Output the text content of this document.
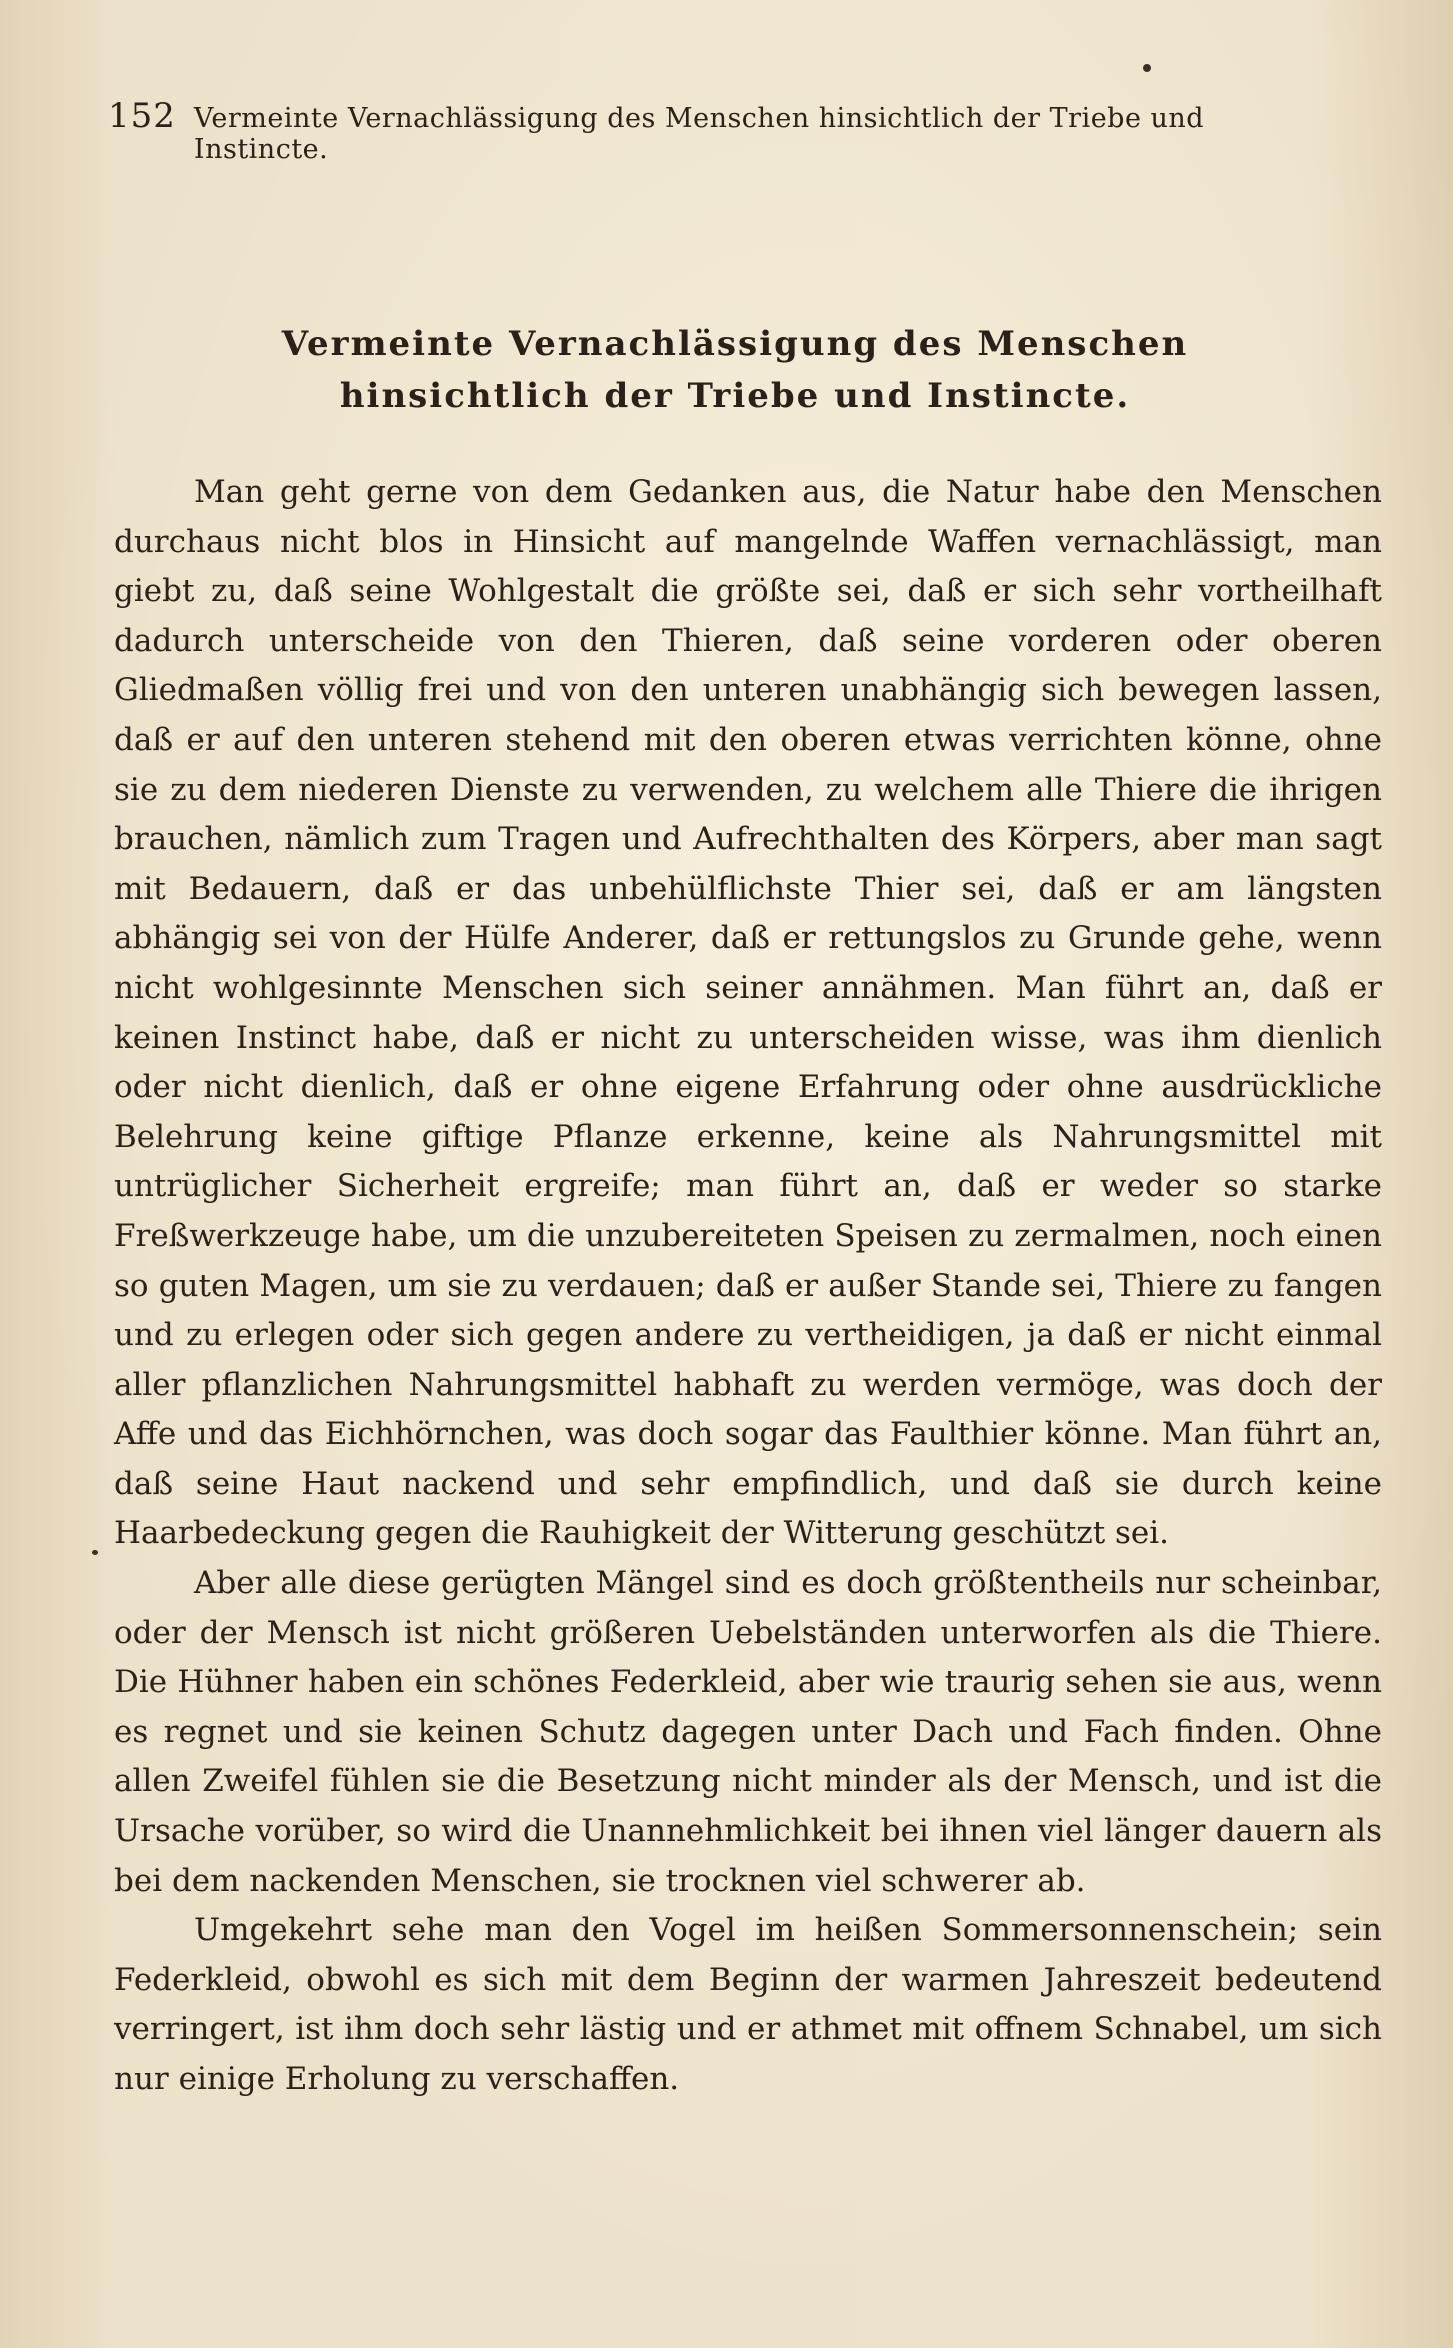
152 Vermeinte Vernachlässigung des Menschen hinsichtlich der Triebe und Instincte.
Vermeinte Vernachlässigung des Menschen hinsichtlich der Triebe und Instincte.

Man geht gerne von dem Gedanken aus, die Natur habe den Menschen durchaus nicht blos in Hinsicht auf mangelnde Waffen vernachlässigt, man giebt zu, daß seine Wohlgestalt die größte sei, daß er sich sehr vortheilhaft dadurch unterscheide von den Thieren, daß seine vorderen oder oberen Gliedmaßen völlig frei und von den unteren unabhängig sich bewegen lassen, daß er auf den unteren stehend mit den oberen etwas verrichten könne, ohne sie zu dem niederen Dienste zu verwenden, zu welchem alle Thiere die ihrigen brauchen, nämlich zum Tragen und Aufrechthalten des Körpers, aber man sagt mit Bedauern, daß er das unbehülflichste Thier sei, daß er am längsten abhängig sei von der Hülfe Anderer, daß er rettungslos zu Grunde gehe, wenn nicht wohlgesinnte Menschen sich seiner annähmen. Man führt an, daß er keinen Instinct habe, daß er nicht zu unterscheiden wisse, was ihm dienlich oder nicht dienlich, daß er ohne eigene Erfahrung oder ohne ausdrückliche Belehrung keine giftige Pflanze erkenne, keine als Nahrungsmittel mit untrüglicher Sicherheit ergreife; man führt an, daß er weder so starke Freßwerkzeuge habe, um die unzubereiteten Speisen zu zermalmen, noch einen so guten Magen, um sie zu verdauen; daß er außer Stande sei, Thiere zu fangen und zu erlegen oder sich gegen andere zu vertheidigen, ja daß er nicht einmal aller pflanzlichen Nahrungsmittel habhaft zu werden vermöge, was doch der Affe und das Eichhörnchen, was doch sogar das Faulthier könne. Man führt an, daß seine Haut nackend und sehr empfindlich, und daß sie durch keine Haarbedeckung gegen die Rauhigkeit der Witterung geschützt sei.

Aber alle diese gerügten Mängel sind es doch größtentheils nur scheinbar, oder der Mensch ist nicht größeren Uebelständen unterworfen als die Thiere. Die Hühner haben ein schönes Federkleid, aber wie traurig sehen sie aus, wenn es regnet und sie keinen Schutz dagegen unter Dach und Fach finden. Ohne allen Zweifel fühlen sie die Besetzung nicht minder als der Mensch, und ist die Ursache vorüber, so wird die Unannehmlichkeit bei ihnen viel länger dauern als bei dem nackenden Menschen, sie trocknen viel schwerer ab.

Umgekehrt sehe man den Vogel im heißen Sommersonnenschein; sein Federkleid, obwohl es sich mit dem Beginn der warmen Jahreszeit bedeutend verringert, ist ihm doch sehr lästig und er athmet mit offnem Schnabel, um sich nur einige Erholung zu verschaffen.
